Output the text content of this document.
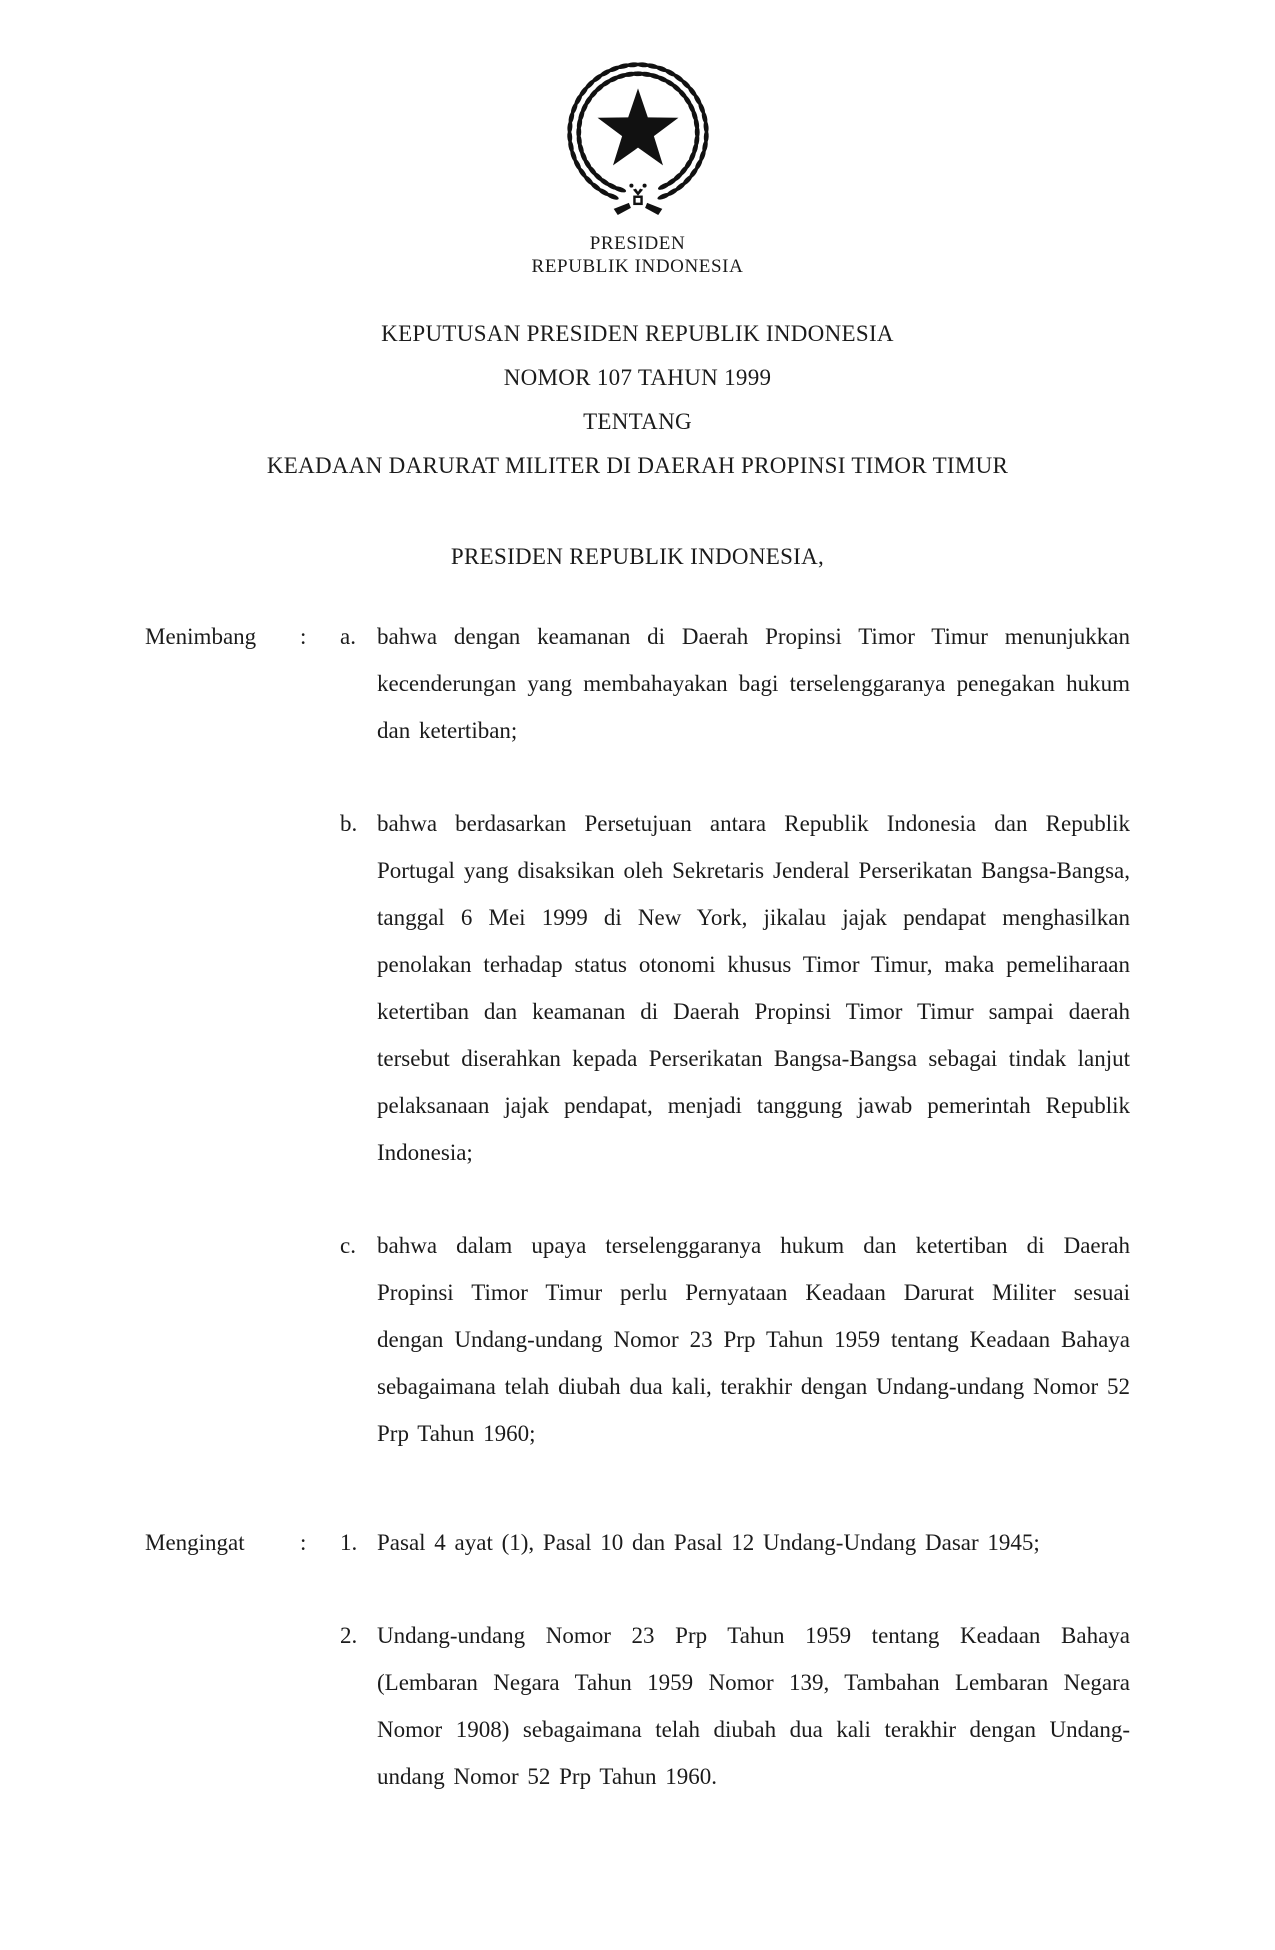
PRESIDEN
REPUBLIK INDONESIA
KEPUTUSAN PRESIDEN REPUBLIK INDONESIA
NOMOR 107 TAHUN 1999
TENTANG
KEADAAN DARURAT MILITER DI DAERAH PROPINSI TIMOR TIMUR
PRESIDEN REPUBLIK INDONESIA,
Menimbang	:	a. bahwa dengan keamanan di Daerah Propinsi Timor Timur menunjukkan kecenderungan yang membahayakan bagi terselenggaranya penegakan hukum dan ketertiban;
b. bahwa berdasarkan Persetujuan antara Republik Indonesia dan Republik Portugal yang disaksikan oleh Sekretaris Jenderal Perserikatan Bangsa-Bangsa, tanggal 6 Mei 1999 di New York, jikalau jajak pendapat menghasilkan penolakan terhadap status otonomi khusus Timor Timur, maka pemeliharaan ketertiban dan keamanan di Daerah Propinsi Timor Timur sampai daerah tersebut diserahkan kepada Perserikatan Bangsa-Bangsa sebagai tindak lanjut pelaksanaan jajak pendapat, menjadi tanggung jawab pemerintah Republik Indonesia;
c. bahwa dalam upaya terselenggaranya hukum dan ketertiban di Daerah Propinsi Timor Timur perlu Pernyataan Keadaan Darurat Militer sesuai dengan Undang-undang Nomor 23 Prp Tahun 1959 tentang Keadaan Bahaya sebagaimana telah diubah dua kali, terakhir dengan Undang-undang Nomor 52 Prp Tahun 1960;
Mengingat	:	1. Pasal 4 ayat (1), Pasal 10 dan Pasal 12 Undang-Undang Dasar 1945;
2. Undang-undang Nomor 23 Prp Tahun 1959 tentang Keadaan Bahaya (Lembaran Negara Tahun 1959 Nomor 139, Tambahan Lembaran Negara Nomor 1908) sebagaimana telah diubah dua kali terakhir dengan Undang-undang Nomor 52 Prp Tahun 1960.
